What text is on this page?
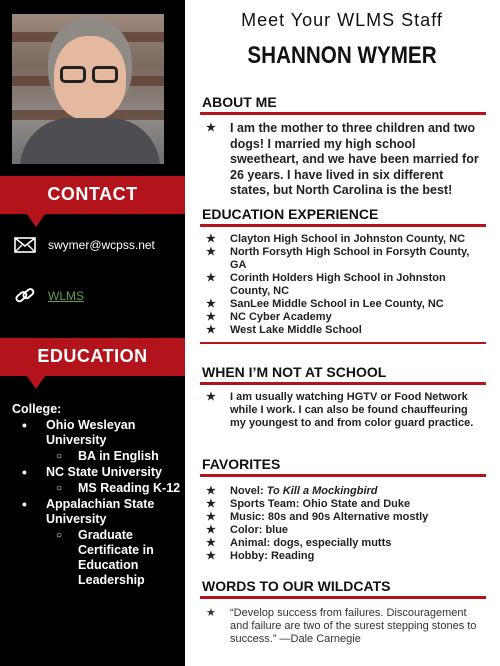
CONTACT
swymer@wcpss.net
WLMS
EDUCATION
College:
• Ohio Wesleyan University
○ BA in English
• NC State University
○ MS Reading K-12
• Appalachian State University
○ Graduate Certificate in Education Leadership
Meet Your WLMS Staff
SHANNON WYMER
ABOUT ME
★ I am the mother to three children and two dogs! I married my high school sweetheart, and we have been married for 26 years. I have lived in six different states, but North Carolina is the best!
EDUCATION EXPERIENCE
★ Clayton High School in Johnston County, NC
★ North Forsyth High School in Forsyth County, GA
★ Corinth Holders High School in Johnston County, NC
★ SanLee Middle School in Lee County, NC
★ NC Cyber Academy
★ West Lake Middle School
WHEN I’M NOT AT SCHOOL
★ I am usually watching HGTV or Food Network while I work. I can also be found chauffeuring my youngest to and from color guard practice.
FAVORITES
★ Novel: To Kill a Mockingbird
★ Sports Team: Ohio State and Duke
★ Music: 80s and 90s Alternative mostly
★ Color: blue
★ Animal: dogs, especially mutts
★ Hobby: Reading
WORDS TO OUR WILDCATS
★ “Develop success from failures. Discouragement and failure are two of the surest stepping stones to success.” —Dale Carnegie
